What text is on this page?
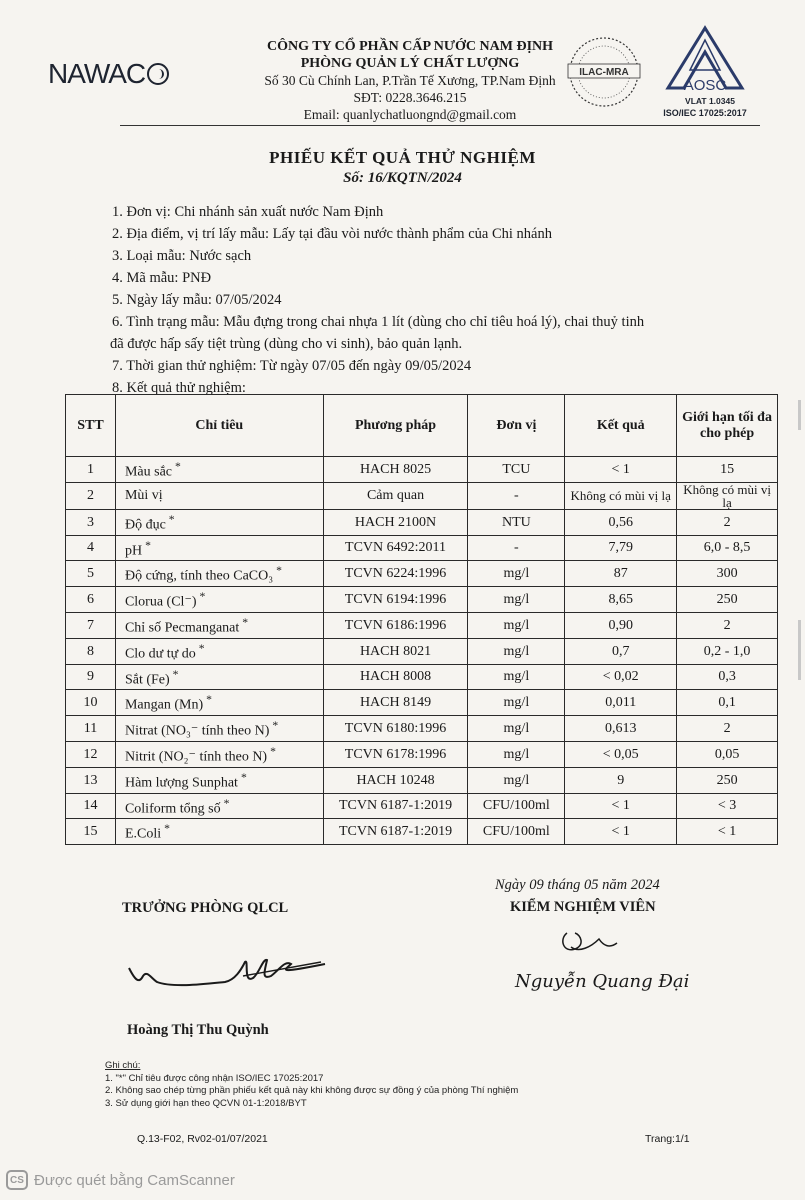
NAWAC
CÔNG TY CỔ PHẦN CẤP NƯỚC NAM ĐỊNH
PHÒNG QUẢN LÝ CHẤT LƯỢNG
Số 30 Cù Chính Lan, P.Trần Tế Xương, TP.Nam Định
SĐT: 0228.3646.215
Email: quanlychatluongnd@gmail.com
ILAC-MRA
AOSC
VLAT 1.0345
ISO/IEC 17025:2017
PHIẾU KẾT QUẢ THỬ NGHIỆM
Số: 16/KQTN/2024
1. Đơn vị: Chi nhánh sản xuất nước Nam Định
2. Địa điểm, vị trí lấy mẫu: Lấy tại đầu vòi nước thành phẩm của Chi nhánh
3. Loại mẫu: Nước sạch
4. Mã mẫu: PNĐ
5. Ngày lấy mẫu: 07/05/2024
6. Tình trạng mẫu: Mẫu đựng trong chai nhựa 1 lít (dùng cho chỉ tiêu hoá lý), chai thuỷ tinh
đã được hấp sấy tiệt trùng (dùng cho vi sinh), bảo quản lạnh.
7. Thời gian thử nghiệm: Từ ngày 07/05 đến ngày 09/05/2024
8. Kết quả thử nghiệm:
STT	Chỉ tiêu	Phương pháp	Đơn vị	Kết quả	Giới hạn tối đa cho phép
1	Màu sắc *	HACH 8025	TCU	< 1	15
2	Mùi vị	Cảm quan	-	Không có mùi vị lạ	Không có mùi vị lạ
3	Độ đục *	HACH 2100N	NTU	0,56	2
4	pH *	TCVN 6492:2011	-	7,79	6,0 - 8,5
5	Độ cứng, tính theo CaCO₃ *	TCVN 6224:1996	mg/l	87	300
6	Clorua (Cl⁻) *	TCVN 6194:1996	mg/l	8,65	250
7	Chỉ số Pecmanganat *	TCVN 6186:1996	mg/l	0,90	2
8	Clo dư tự do *	HACH 8021	mg/l	0,7	0,2 - 1,0
9	Sắt (Fe) *	HACH 8008	mg/l	< 0,02	0,3
10	Mangan (Mn) *	HACH 8149	mg/l	0,011	0,1
11	Nitrat (NO₃⁻ tính theo N) *	TCVN 6180:1996	mg/l	0,613	2
12	Nitrit (NO₂⁻ tính theo N) *	TCVN 6178:1996	mg/l	< 0,05	0,05
13	Hàm lượng Sunphat *	HACH 10248	mg/l	9	250
14	Coliform tổng số *	TCVN 6187-1:2019	CFU/100ml	< 1	< 3
15	E.Coli *	TCVN 6187-1:2019	CFU/100ml	< 1	< 1
Ngày 09 tháng 05 năm 2024
TRƯỞNG PHÒNG QLCL	KIỂM NGHIỆM VIÊN
Nguyễn Quang Đại
Hoàng Thị Thu Quỳnh
Ghi chú:
1. "*" Chỉ tiêu được công nhận ISO/IEC 17025:2017
2. Không sao chép từng phần phiếu kết quả này khi không được sự đồng ý của phòng Thí nghiệm
3. Sử dụng giới hạn theo QCVN 01-1:2018/BYT
Q.13-F02, Rv02-01/07/2021	Trang:1/1
CS Được quét bằng CamScanner
